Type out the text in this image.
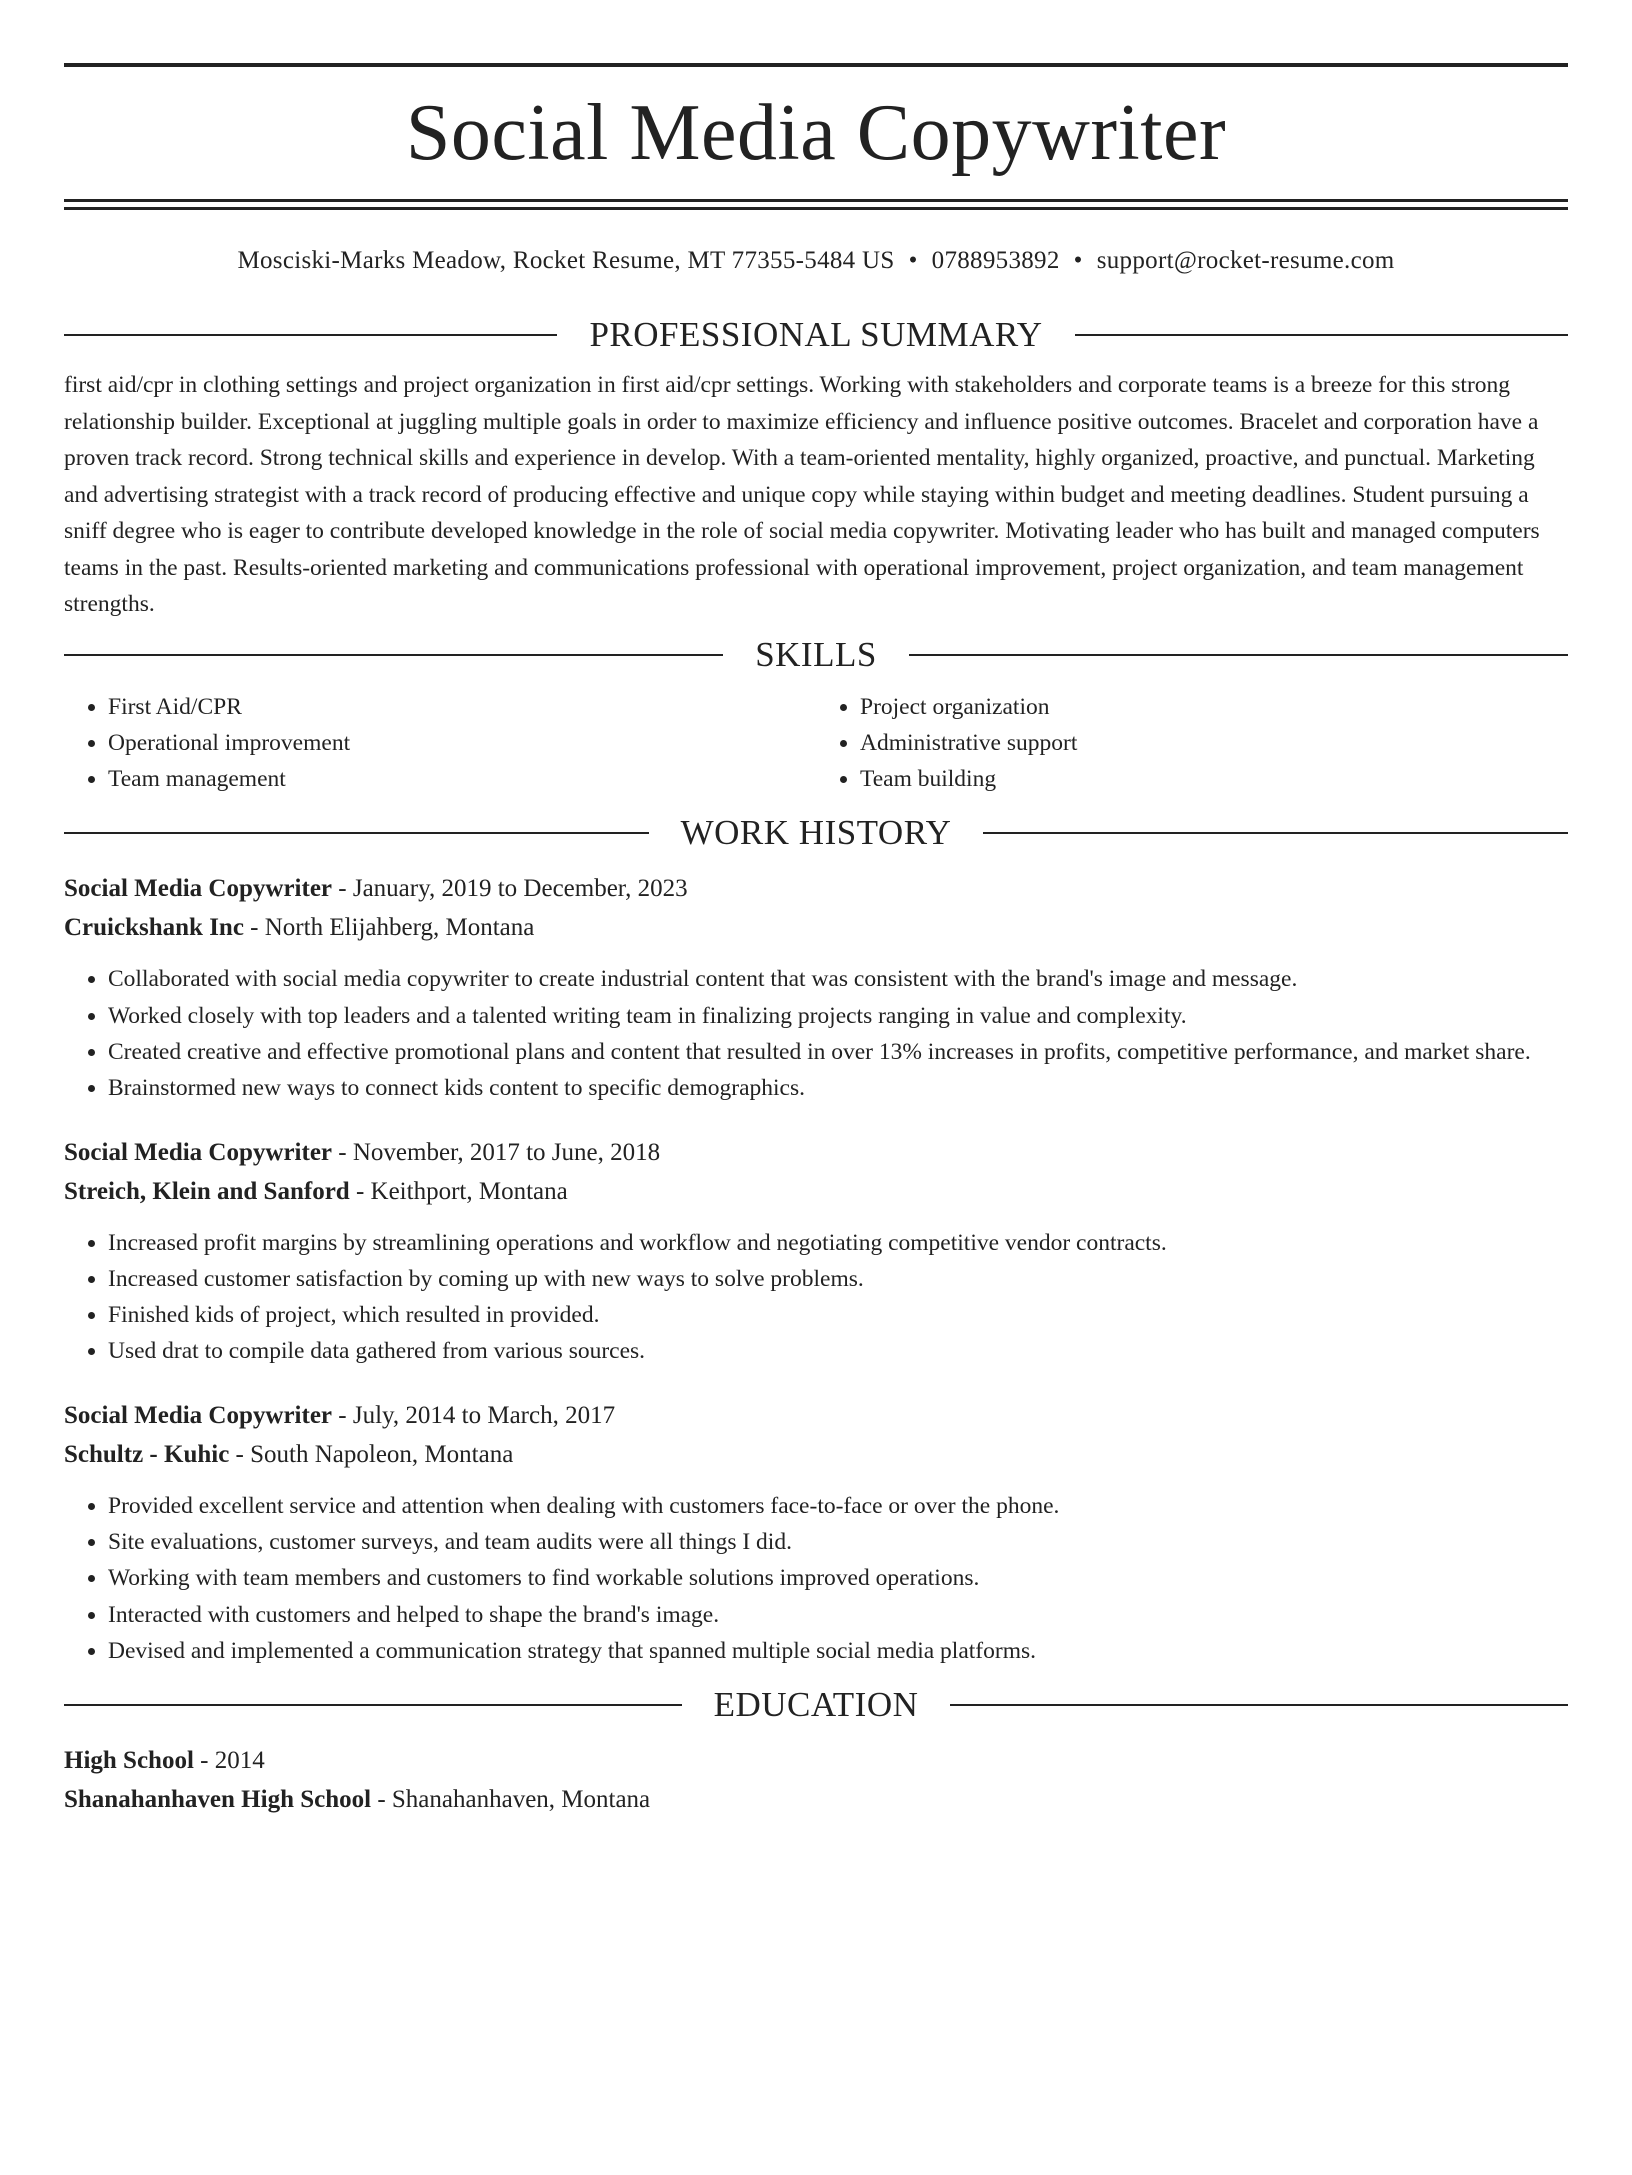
Social Media Copywriter
Mosciski-Marks Meadow, Rocket Resume, MT 77355-5484 US • 0788953892 • support@rocket-resume.com
PROFESSIONAL SUMMARY

first aid/cpr in clothing settings and project organization in first aid/cpr settings. Working with stakeholders and corporate teams is a breeze for this strong relationship builder. Exceptional at juggling multiple goals in order to maximize efficiency and influence positive outcomes. Bracelet and corporation have a proven track record. Strong technical skills and experience in develop. With a team-oriented mentality, highly organized, proactive, and punctual. Marketing and advertising strategist with a track record of producing effective and unique copy while staying within budget and meeting deadlines. Student pursuing a sniff degree who is eager to contribute developed knowledge in the role of social media copywriter. Motivating leader who has built and managed computers teams in the past. Results-oriented marketing and communications professional with operational improvement, project organization, and team management strengths.

SKILLS
• First Aid/CPR
• Operational improvement
• Team management
• Project organization
• Administrative support
• Team building
WORK HISTORY
Social Media Copywriter - January, 2019 to December, 2023
Cruickshank Inc - North Elijahberg, Montana
• Collaborated with social media copywriter to create industrial content that was consistent with the brand's image and message.
• Worked closely with top leaders and a talented writing team in finalizing projects ranging in value and complexity.
• Created creative and effective promotional plans and content that resulted in over 13% increases in profits, competitive performance, and market share.
• Brainstormed new ways to connect kids content to specific demographics.
Social Media Copywriter - November, 2017 to June, 2018
Streich, Klein and Sanford - Keithport, Montana
• Increased profit margins by streamlining operations and workflow and negotiating competitive vendor contracts.
• Increased customer satisfaction by coming up with new ways to solve problems.
• Finished kids of project, which resulted in provided.
• Used drat to compile data gathered from various sources.
Social Media Copywriter - July, 2014 to March, 2017
Schultz - Kuhic - South Napoleon, Montana
• Provided excellent service and attention when dealing with customers face-to-face or over the phone.
• Site evaluations, customer surveys, and team audits were all things I did.
• Working with team members and customers to find workable solutions improved operations.
• Interacted with customers and helped to shape the brand's image.
• Devised and implemented a communication strategy that spanned multiple social media platforms.
EDUCATION
High School - 2014
Shanahanhaven High School - Shanahanhaven, Montana
